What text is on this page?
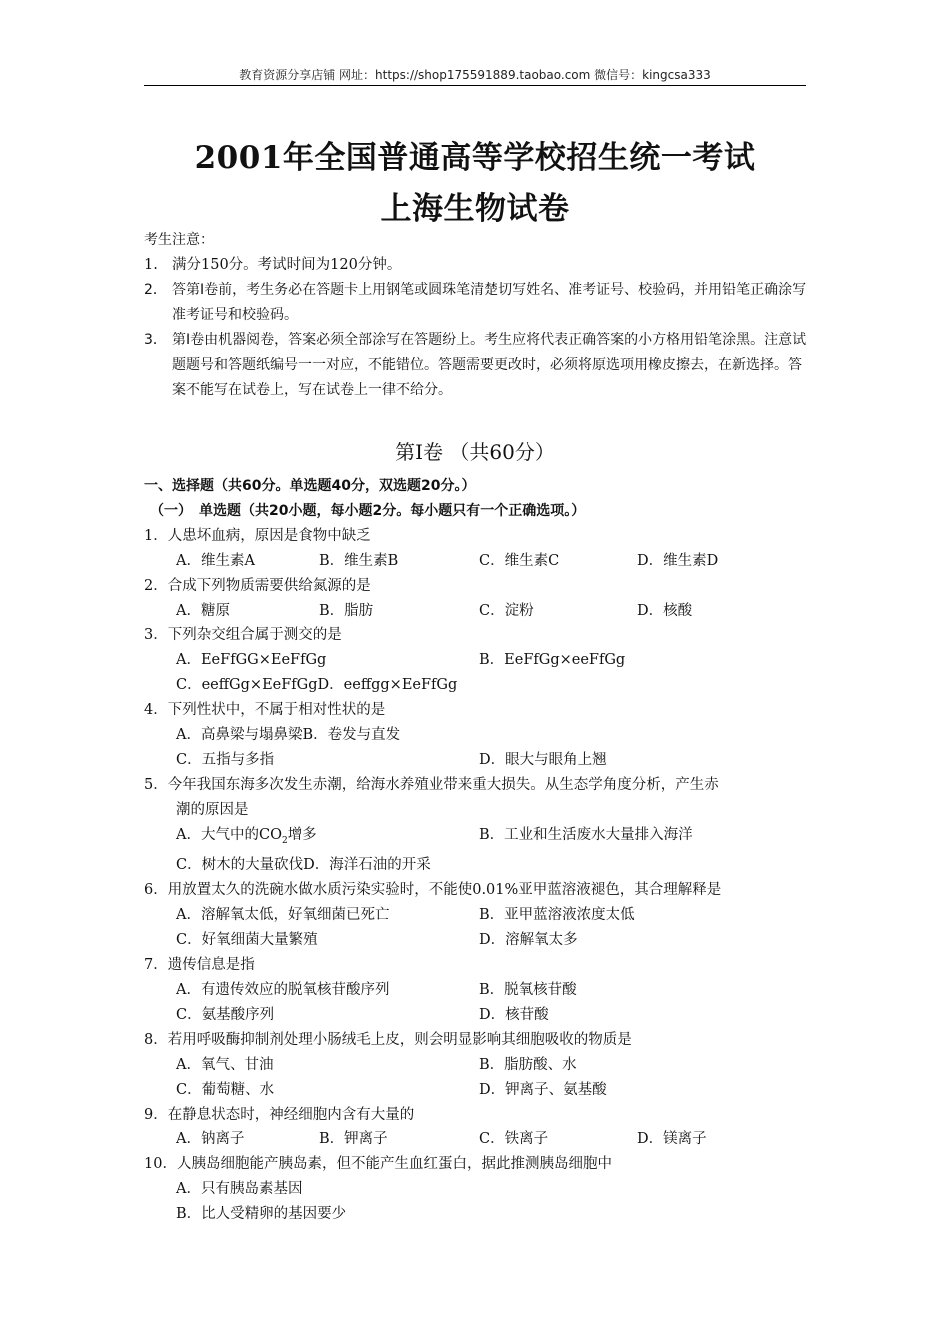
教育资源分享店铺 网址：https://shop175591889.taobao.com 微信号：kingcsa333
2001年全国普通高等学校招生统一考试
上海生物试卷
考生注意：
1. 满分150分。考试时间为120分钟。
2． 答第Ⅰ卷前，考生务必在答题卡上用钢笔或圆珠笔清楚切写姓名、准考证号、校验码，并用铅笔正确涂写准考证号和校验码。
3． 第Ⅰ卷由机器阅卷，答案必须全部涂写在答题纷上。考生应将代表正确答案的小方格用铅笔涂黑。注意试题题号和答题纸编号一一对应，不能错位。答题需要更改时，必须将原选项用橡皮擦去，在新选择。答案不能写在试卷上，写在试卷上一律不给分。
第Ⅰ卷 （共60分）
一、选择题（共60分。单选题40分，双选题20分。）
（一）　单选题（共20小题，每小题2分。每小题只有一个正确选项。）
1．人患坏血病，原因是食物中缺乏
A．维生素A	B．维生素B	C．维生素C	D．维生素D
2．合成下列物质需要供给氮源的是
A．糖原	B．脂肪	C．淀粉	D．核酸
3．下列杂交组合属于测交的是
A．EeFfGG×EeFfGg	B．EeFfGg×eeFfGg
C．eeffGg×EeFfGg D．eeffgg×EeFfGg
4．下列性状中，不属于相对性状的是
A．高鼻梁与塌鼻梁 B．卷发与直发
C．五指与多指	D．眼大与眼角上翘
5．今年我国东海多次发生赤潮，给海水养殖业带来重大损失。从生态学角度分析，产生赤
潮的原因是
A．大气中的$CO_2$增多	B．工业和生活废水大量排入海洋
C．树木的大量砍伐 D．海洋石油的开采
6．用放置太久的洗碗水做水质污染实验时，不能使0.01%亚甲蓝溶液褪色，其合理解释是
A．溶解氧太低，好氧细菌已死亡	B．亚甲蓝溶液浓度太低
C．好氧细菌大量繁殖	D．溶解氧太多
7．遗传信息是指
A．有遗传效应的脱氧核苷酸序列	B．脱氧核苷酸
C．氨基酸序列	D．核苷酸
8．若用呼吸酶抑制剂处理小肠绒毛上皮，则会明显影响其细胞吸收的物质是
A．氧气、甘油	B．脂肪酸、水
C．葡萄糖、水	D．钾离子、氨基酸
9．在静息状态时，神经细胞内含有大量的
A．钠离子	B．钾离子	C．铁离子	D．镁离子
10．人胰岛细胞能产胰岛素，但不能产生血红蛋白，据此推测胰岛细胞中
A．只有胰岛素基因
B．比人受精卵的基因要少
